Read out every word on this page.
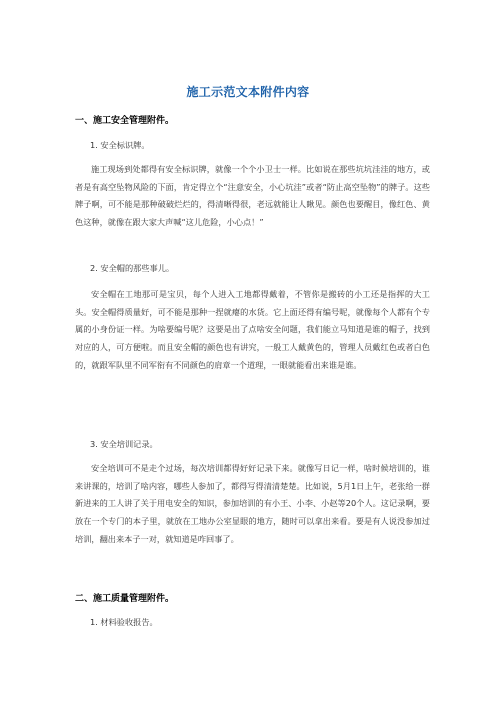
施工示范文本附件内容
一、施工安全管理附件。
1. 安全标识牌。

施工现场到处都得有安全标识牌，就像一个个小卫士一样。比如说在那些坑坑洼洼的地方，或者是有高空坠物风险的下面，肯定得立个“注意安全，小心坑洼”或者“防止高空坠物”的牌子。这些牌子啊，可不能是那种破破烂烂的，得清晰得很，老远就能让人瞅见。颜色也要醒目，像红色、黄色这种，就像在跟大家大声喊“这儿危险，小心点！”

2. 安全帽的那些事儿。

安全帽在工地那可是宝贝，每个人进入工地都得戴着，不管你是搬砖的小工还是指挥的大工头。安全帽得质量好，可不能是那种一捏就瘪的水货。它上面还得有编号呢，就像每个人都有个专属的小身份证一样。为啥要编号呢？这要是出了点啥安全问题，我们能立马知道是谁的帽子，找到对应的人，可方便啦。而且安全帽的颜色也有讲究，一般工人戴黄色的，管理人员戴红色或者白色的，就跟军队里不同军衔有不同颜色的肩章一个道理，一眼就能看出来谁是谁。

3. 安全培训记录。

安全培训可不是走个过场，每次培训都得好好记录下来。就像写日记一样，啥时候培训的，谁来讲课的，培训了啥内容，哪些人参加了，都得写得清清楚楚。比如说，5月1日上午，老张给一群新进来的工人讲了关于用电安全的知识，参加培训的有小王、小李、小赵等20个人。这记录啊，要放在一个专门的本子里，就放在工地办公室显眼的地方，随时可以拿出来看。要是有人说没参加过培训，翻出来本子一对，就知道是咋回事了。

二、施工质量管理附件。
1. 材料验收报告。
